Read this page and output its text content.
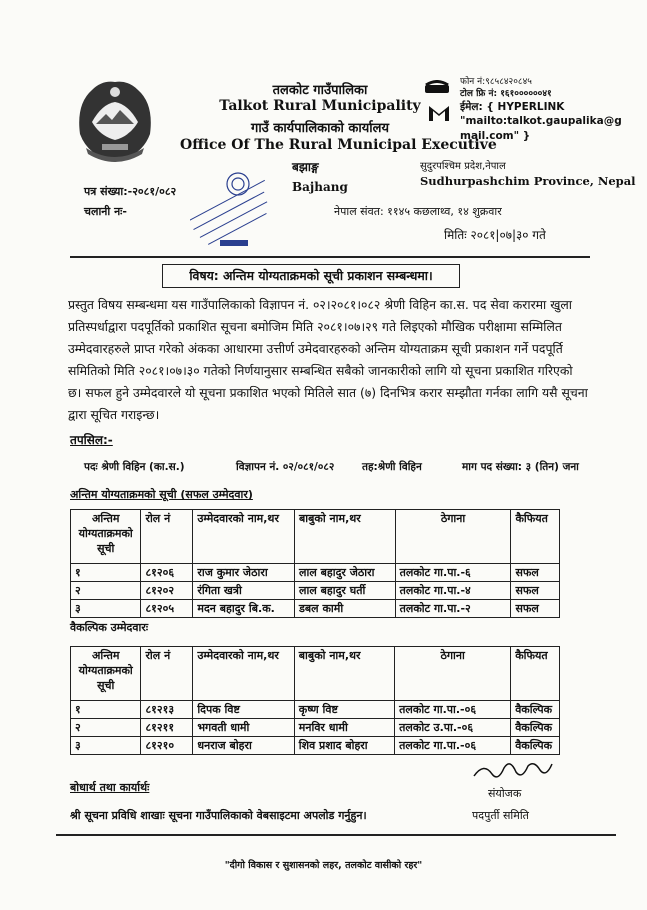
तलकोट गाउँपालिका
Talkot Rural Municipality
गाउँ कार्यपालिकाको कार्यालय
Office Of The Rural Municipal Executive
बझाङ्ग
Bajhang
फोन नं:९८५८४२०८४५
टोल फ्रि नं: १६१००००००४१
ईमेल: { HYPERLINK
"mailto:talkot.gaupalika@g
mail.com" }
सुदुरपश्चिम प्रदेश,नेपाल
Sudhurpashchim Province, Nepal
पत्र संख्या:-२०८१/०८२
चलानी नः-	नेपाल संवत: ११४५ कछलाथ्व, १४ शुक्रवार
मितिः २०८१|०७|३० गते
विषय: अन्तिम योग्यताक्रमको सूची प्रकाशन सम्बन्धमा।
प्रस्तुत विषय सम्बन्धमा यस गाउँपालिकाको विज्ञापन नं. ०२।२०८१।०८२ श्रेणी विहिन का.स. पद सेवा करारमा खुला
प्रतिस्पर्धाद्वारा पदपूर्तिको प्रकाशित सूचना बमोजिम मिति २०८१।०७।२९ गते लिइएको मौखिक परीक्षामा सम्मिलित
उम्मेदवारहरुले प्राप्त गरेको अंकका आधारमा उत्तीर्ण उमेदवारहरुको अन्तिम योग्यताक्रम सूची प्रकाशन गर्ने पदपूर्ति
समितिको मिति २०८१।०७।३० गतेको निर्णयानुसार सम्बन्धित सबैको जानकारीको लागि यो सूचना प्रकाशित गरिएको
छ। सफल हुने उम्मेदवारले यो सूचना प्रकाशित भएको मितिले सात (७) दिनभित्र करार सम्झौता गर्नका लागि यसै सूचना
द्वारा सूचित गराइन्छ।
तपसिल:-
पदः श्रेणी विहिन (का.स.)	विज्ञापन नं. ०२/०८१/०८२	तह:श्रेणी विहिन	माग पद संख्या: ३ (तिन) जना
अन्तिम योग्यताक्रमको सूची (सफल उम्मेदवार)
अन्तिम योग्यताक्रमको सूची	रोल नं	उम्मेदवारको नाम,थर	बाबुको नाम,थर	ठेगाना	कैफियत
१	८१२०६	राज कुमार जेठारा	लाल बहादुर जेठारा	तलकोट गा.पा.-६	सफल
२	८१२०२	रंगिता खत्री	लाल बहादुर घर्ती	तलकोट गा.पा.-४	सफल
३	८१२०५	मदन बहादुर बि.क.	डबल कामी	तलकोट गा.पा.-२	सफल
वैकल्पिक उम्मेदवारः
अन्तिम योग्यताक्रमको सूची	रोल नं	उम्मेदवारको नाम,थर	बाबुको नाम,थर	ठेगाना	कैफियत
१	८१२१३	दिपक विष्ट	कृष्ण विष्ट	तलकोट गा.पा.-०६	वैकल्पिक
२	८१२११	भगवती धामी	मनविर धामी	तलकोट उ.पा.-०६	वैकल्पिक
३	८१२१०	धनराज बोहरा	शिव प्रशाद बोहरा	तलकोट गा.पा.-०६	वैकल्पिक
बोधार्थ तथा कार्यार्थः
श्री सूचना प्रविधि शाखाः सूचना गाउँपालिकाको वेबसाइटमा अपलोड गर्नुहुन।
संयोजक
पदपुर्ती समिति
"दीगो विकास र सुशासनको लहर, तलकोट वासीको रहर"
